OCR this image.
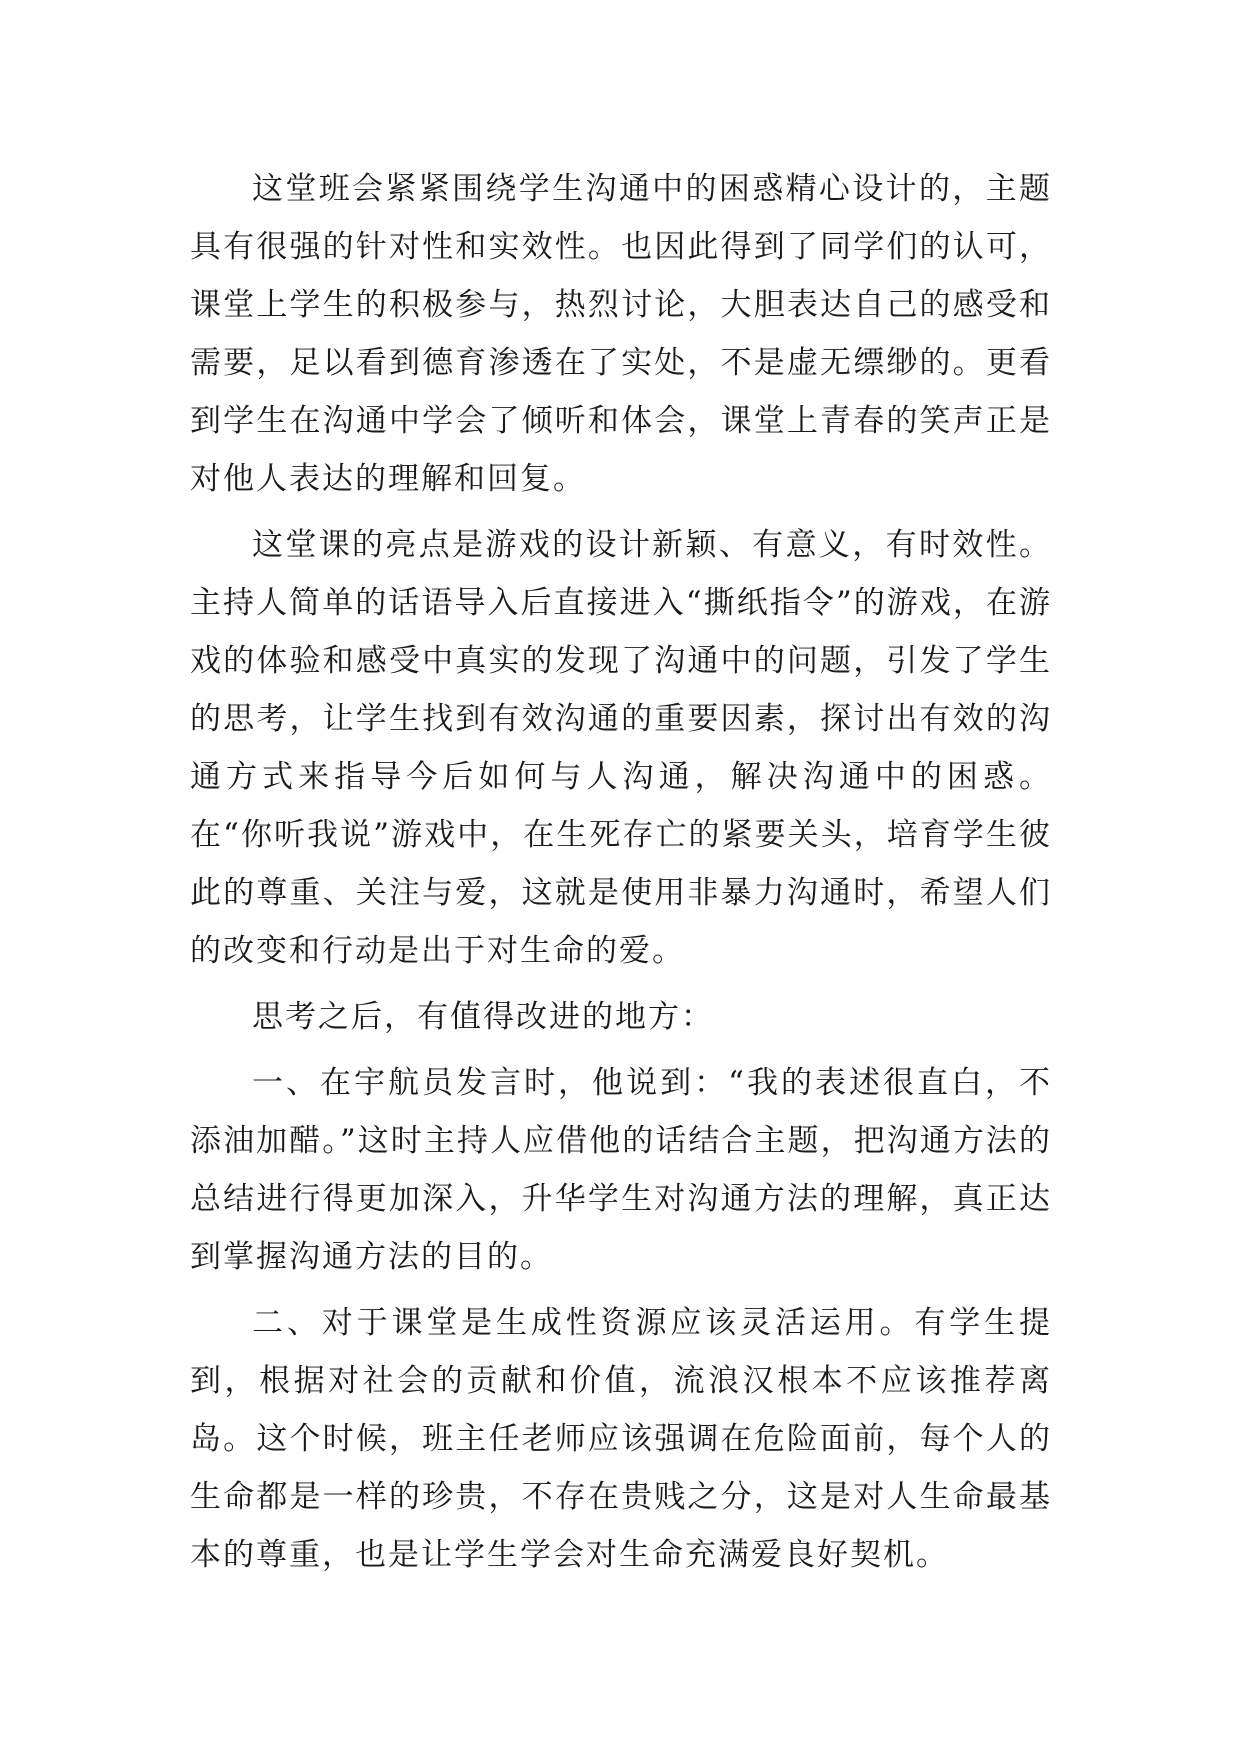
这堂班会紧紧围绕学生沟通中的困惑精心设计的，主题具有很强的针对性和实效性。也因此得到了同学们的认可，课堂上学生的积极参与，热烈讨论，大胆表达自己的感受和需要，足以看到德育渗透在了实处，不是虚无缥缈的。更看到学生在沟通中学会了倾听和体会，课堂上青春的笑声正是对他人表达的理解和回复。

这堂课的亮点是游戏的设计新颖、有意义，有时效性。主持人简单的话语导入后直接进入“撕纸指令”的游戏，在游戏的体验和感受中真实的发现了沟通中的问题，引发了学生的思考，让学生找到有效沟通的重要因素，探讨出有效的沟通方式来指导今后如何与人沟通，解决沟通中的困惑。在“你听我说”游戏中，在生死存亡的紧要关头，培育学生彼此的尊重、关注与爱，这就是使用非暴力沟通时，希望人们的改变和行动是出于对生命的爱。

思考之后，有值得改进的地方：

一、在宇航员发言时，他说到：“我的表述很直白，不添油加醋。”这时主持人应借他的话结合主题，把沟通方法的总结进行得更加深入，升华学生对沟通方法的理解，真正达到掌握沟通方法的目的。

二、对于课堂是生成性资源应该灵活运用。有学生提到，根据对社会的贡献和价值，流浪汉根本不应该推荐离岛。这个时候，班主任老师应该强调在危险面前，每个人的生命都是一样的珍贵，不存在贵贱之分，这是对人生命最基本的尊重，也是让学生学会对生命充满爱良好契机。
